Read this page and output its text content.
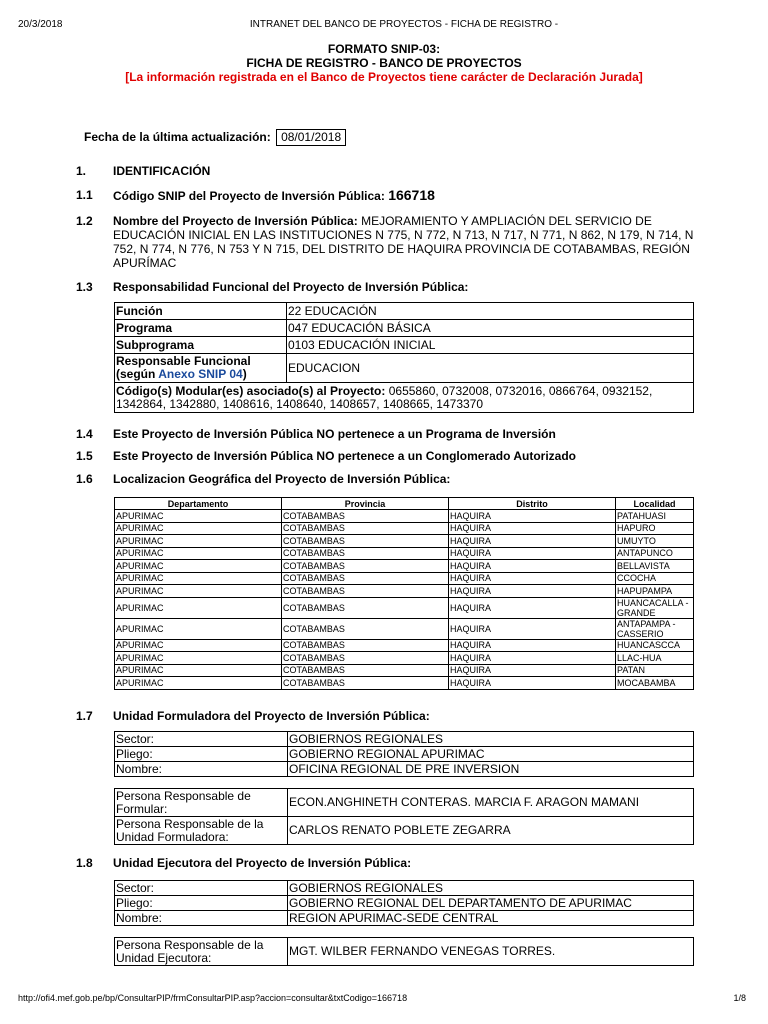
20/3/2018	INTRANET DEL BANCO DE PROYECTOS - FICHA DE REGISTRO -
http://ofi4.mef.gob.pe/bp/ConsultarPIP/frmConsultarPIP.asp?accion=consultar&txtCodigo=166718	1/8
FORMATO SNIP-03:
FICHA DE REGISTRO - BANCO DE PROYECTOS
[La información registrada en el Banco de Proyectos tiene carácter de Declaración Jurada]
Fecha de la última actualización: 08/01/2018
1. IDENTIFICACIÓN
1.1 Código SNIP del Proyecto de Inversión Pública: 166718
1.2 Nombre del Proyecto de Inversión Pública: MEJORAMIENTO Y AMPLIACIÓN DEL SERVICIO DE EDUCACIÓN INICIAL EN LAS INSTITUCIONES N 775, N 772, N 713, N 717, N 771, N 862, N 179, N 714, N 752, N 774, N 776, N 753 Y N 715, DEL DISTRITO DE HAQUIRA PROVINCIA DE COTABAMBAS, REGIÓN APURÍMAC
1.3 Responsabilidad Funcional del Proyecto de Inversión Pública:
Función	22 EDUCACIÓN
Programa	047 EDUCACIÓN BÁSICA
Subprograma	0103 EDUCACIÓN INICIAL
Responsable Funcional
(según Anexo SNIP 04)	EDUCACION
Código(s) Modular(es) asociado(s) al Proyecto: 0655860, 0732008, 0732016, 0866764, 0932152, 1342864, 1342880, 1408616, 1408640, 1408657, 1408665, 1473370	
1.4 Este Proyecto de Inversión Pública NO pertenece a un Programa de Inversión
1.5 Este Proyecto de Inversión Pública NO pertenece a un Conglomerado Autorizado
1.6 Localizacion Geográfica del Proyecto de Inversión Pública:
Departamento	Provincia	Distrito	Localidad
APURIMAC	COTABAMBAS	HAQUIRA	PATAHUASI
APURIMAC	COTABAMBAS	HAQUIRA	HAPURO
APURIMAC	COTABAMBAS	HAQUIRA	UMUYTO
APURIMAC	COTABAMBAS	HAQUIRA	ANTAPUNCO
APURIMAC	COTABAMBAS	HAQUIRA	BELLAVISTA
APURIMAC	COTABAMBAS	HAQUIRA	CCOCHA
APURIMAC	COTABAMBAS	HAQUIRA	HAPUPAMPA
APURIMAC	COTABAMBAS	HAQUIRA	HUANCACALLA -GRANDE
APURIMAC	COTABAMBAS	HAQUIRA	ANTAPAMPA - CASSERIO
APURIMAC	COTABAMBAS	HAQUIRA	HUANCASCCA
APURIMAC	COTABAMBAS	HAQUIRA	LLAC-HUA
APURIMAC	COTABAMBAS	HAQUIRA	PATAN
APURIMAC	COTABAMBAS	HAQUIRA	MOCABAMBA
1.7 Unidad Formuladora del Proyecto de Inversión Pública:
Sector:	GOBIERNOS REGIONALES
Pliego:	GOBIERNO REGIONAL APURIMAC
Nombre:	OFICINA REGIONAL DE PRE INVERSION
Persona Responsable de Formular:	ECON.ANGHINETH CONTERAS. MARCIA F. ARAGON MAMANI
Persona Responsable de la Unidad Formuladora:	CARLOS RENATO POBLETE ZEGARRA
1.8 Unidad Ejecutora del Proyecto de Inversión Pública:
Sector:	GOBIERNOS REGIONALES
Pliego:	GOBIERNO REGIONAL DEL DEPARTAMENTO DE APURIMAC
Nombre:	REGION APURIMAC-SEDE CENTRAL
Persona Responsable de la Unidad Ejecutora:	MGT. WILBER FERNANDO VENEGAS TORRES.
